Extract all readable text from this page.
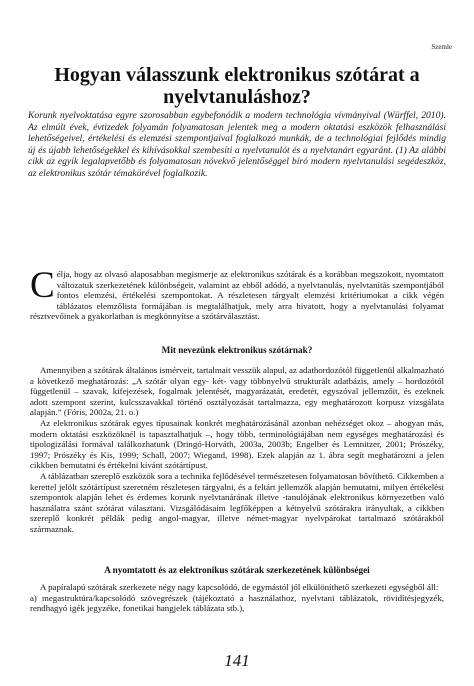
Szemle
Hogyan válasszunk elektronikus szótárat a nyelvtanuláshoz?

Korunk nyelvoktatása egyre szorosabban egybefonódik a modern technológia vívmányival (Würffel, 2010). Az elmúlt évek, évtizedek folyamán folyamatosan jelentek meg a modern oktatási eszközök felhasználási lehetőségeivel, értékelési és elemzési szempontjaival foglalkozó munkák, de a technológiai fejlődés mindig új és újabb lehetőségekkel és kihívásokkal szembesíti a nyelvtanulót és a nyelvtanárt egyaránt. (1) Az alábbi cikk az egyik legalapvetőbb és folyamatosan növekvő jelentőséggel bíró modern nyelvtanulási segédeszköz, az elektronikus szótár témakörével foglalkozik.

Célja, hogy az olvasó alaposabban megismerje az elektronikus szótárak és a korábban megszokott, nyomtatott változatuk szerkezetének különbségeit, valamint az ebből adódó, a nyelvtanulás, nyelvtanítás szempontjából fontos elemzési, értékelési szempontokat. A részletesen tárgyalt elemzési kritériumokat a cikk végén táblázatos elemzőlista formájában is megtalálhatjuk, mely arra hivatott, hogy a nyelvtanulási folyamat résztvevőinek a gyakorlatban is megkönnyítse a szótárválasztást.
Mit nevezünk elektronikus szótárnak?

Amennyiben a szótárak általános ismérveit, tartalmait vesszük alapul, az adathordozótól függetlenül alkalmazható a következő meghatározás: „A szótár olyan egy- két- vagy többnyelvű strukturált adatbázis, amely – hordozótól függetlenül – szavak, kifejezések, fogalmak jelentését, magyarázatát, eredetét, egyszóval jellemzőit, és ezeknek adott szempont szerint, kulcsszavakkal történő osztályozását tartalmazza, egy meghatározott korpusz vizsgálata alapján.” (Fóris, 2002a, 21. o.)

Az elektronikus szótárak egyes típusainak konkrét meghatározásánál azonban nehézséget okoz – ahogyan más, modern oktatási eszközöknél is tapasztalhatjuk –, hogy több, terminológiájában nem egységes meghatározási és tipologizálási formával találkozhatunk (Dringó-Horváth, 2003a, 2003b; Engelber és Lemnitzer, 2001; Prószéky, 1997; Prószéky és Kis, 1999; Schall, 2007; Wiegand, 1998). Ezek alapján az 1. ábra segít meghatározni a jelen cikkben bemutatni és értékelni kívánt szótártípust.

A táblázatban szereplő eszközök sora a technika fejlődésével természetesen folyamatosan bővíthető. Cikkemben a kerettel jelölt szótártípust szeretném részletesen tárgyalni, és a feltárt jellemzők alapján bemutatni, milyen értékelési szempontok alapján lehet és érdemes korunk nyelvtanárának illetve -tanulójának elektronikus környezetben való használatra szánt szótárat választani. Vizsgálódásaim legfőképpen a kétnyelvű szótárakra irányultak, a cikkben szereplő konkrét példák pedig angol-magyar, illetve német-magyar nyelvpárokat tartalmazó szótárakból származnak.

A nyomtatott és az elektronikus szótárak szerkezetének különbségei

A papíralapú szótárak szerkezete négy nagy kapcsolódó, de egymástól jól elkülöníthető szerkezeti egységből áll:

a) megastruktúra/kapcsolódó szövegrészek (tájékoztató a használathoz, nyelvtani táblázatok, rövidítésjegyzék, rendhagyó igék jegyzéke, fonetikai hangjelek táblázata stb.),

141
